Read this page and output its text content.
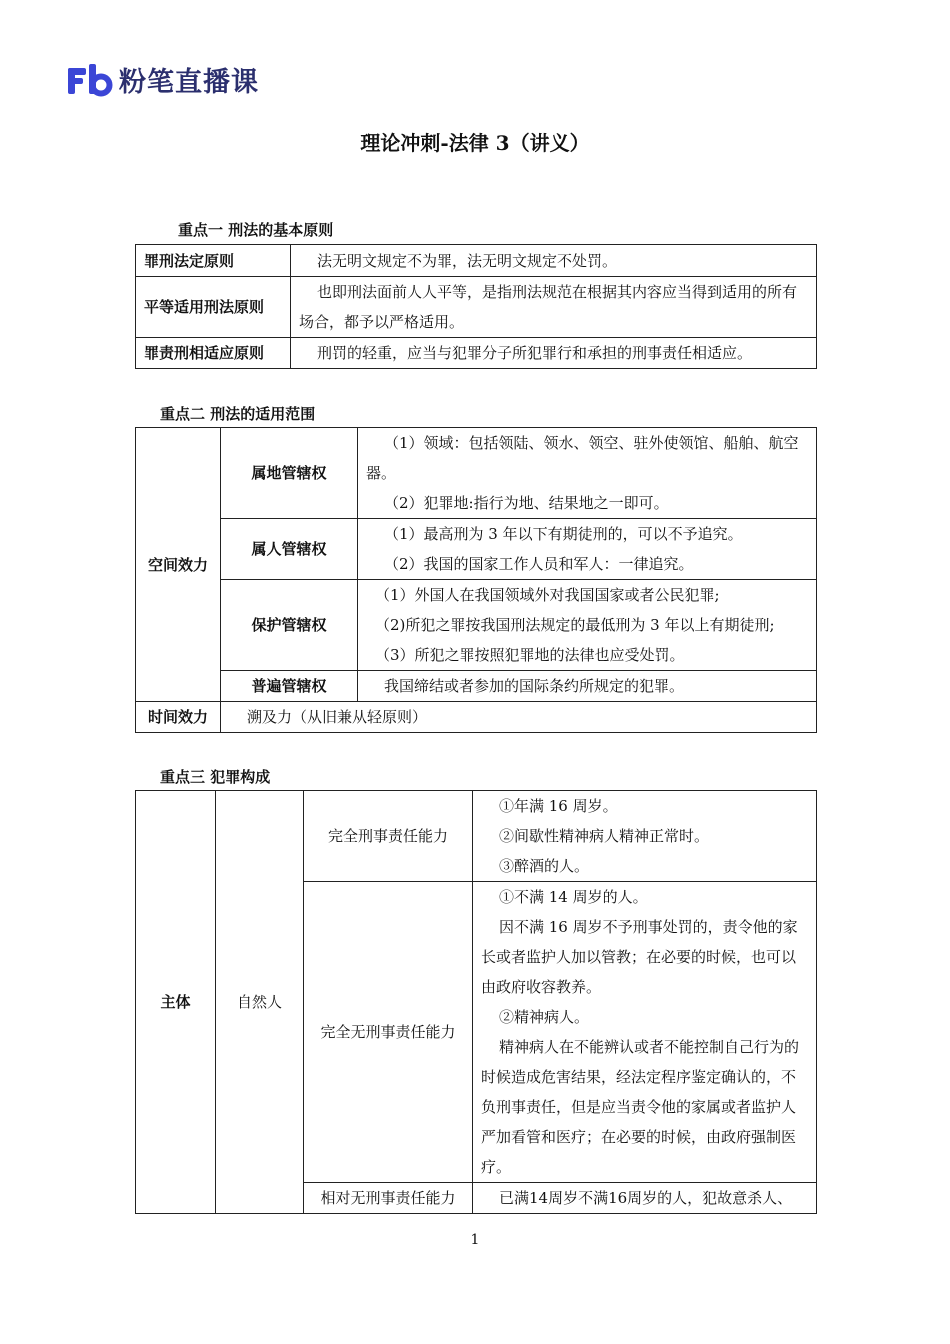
粉笔直播课
理论冲刺-法律 3（讲义）
重点一 刑法的基本原则
罪刑法定原则	法无明文规定不为罪，法无明文规定不处罚。
平等适用刑法原则	也即刑法面前人人平等，是指刑法规范在根据其内容应当得到适用的所有场合，都予以严格适用。
罪责刑相适应原则	刑罚的轻重，应当与犯罪分子所犯罪行和承担的刑事责任相适应。
重点二 刑法的适用范围
空间效力	属地管辖权	（1）领域：包括领陆、领水、领空、驻外使领馆、船舶、航空器。
（2）犯罪地:指行为地、结果地之一即可。

	属人管辖权	（1）最高刑为 3 年以下有期徒刑的，可以不予追究。
（2）我国的国家工作人员和军人：一律追究。

	保护管辖权	（1）外国人在我国领域外对我国国家或者公民犯罪;
（2)所犯之罪按我国刑法规定的最低刑为 3 年以上有期徒刑;
（3）所犯之罪按照犯罪地的法律也应受处罚。

	普遍管辖权	我国缔结或者参加的国际条约所规定的犯罪。
时间效力	溯及力（从旧兼从轻原则）	
重点三 犯罪构成
主体	自然人	完全刑事责任能力	①年满 16 周岁。
②间歇性精神病人精神正常时。
③醉酒的人。

		完全无刑事责任能力	①不满 14 周岁的人。
因不满 16 周岁不予刑事处罚的，责令他的家长或者监护人加以管教；在必要的时候，也可以由政府收容教养。
②精神病人。
精神病人在不能辨认或者不能控制自己行为的时候造成危害结果，经法定程序鉴定确认的，不负刑事责任，但是应当责令他的家属或者监护人严加看管和医疗；在必要的时候，由政府强制医疗。

		相对无刑事责任能力	已满14周岁不满16周岁的人，犯故意杀人、
1
